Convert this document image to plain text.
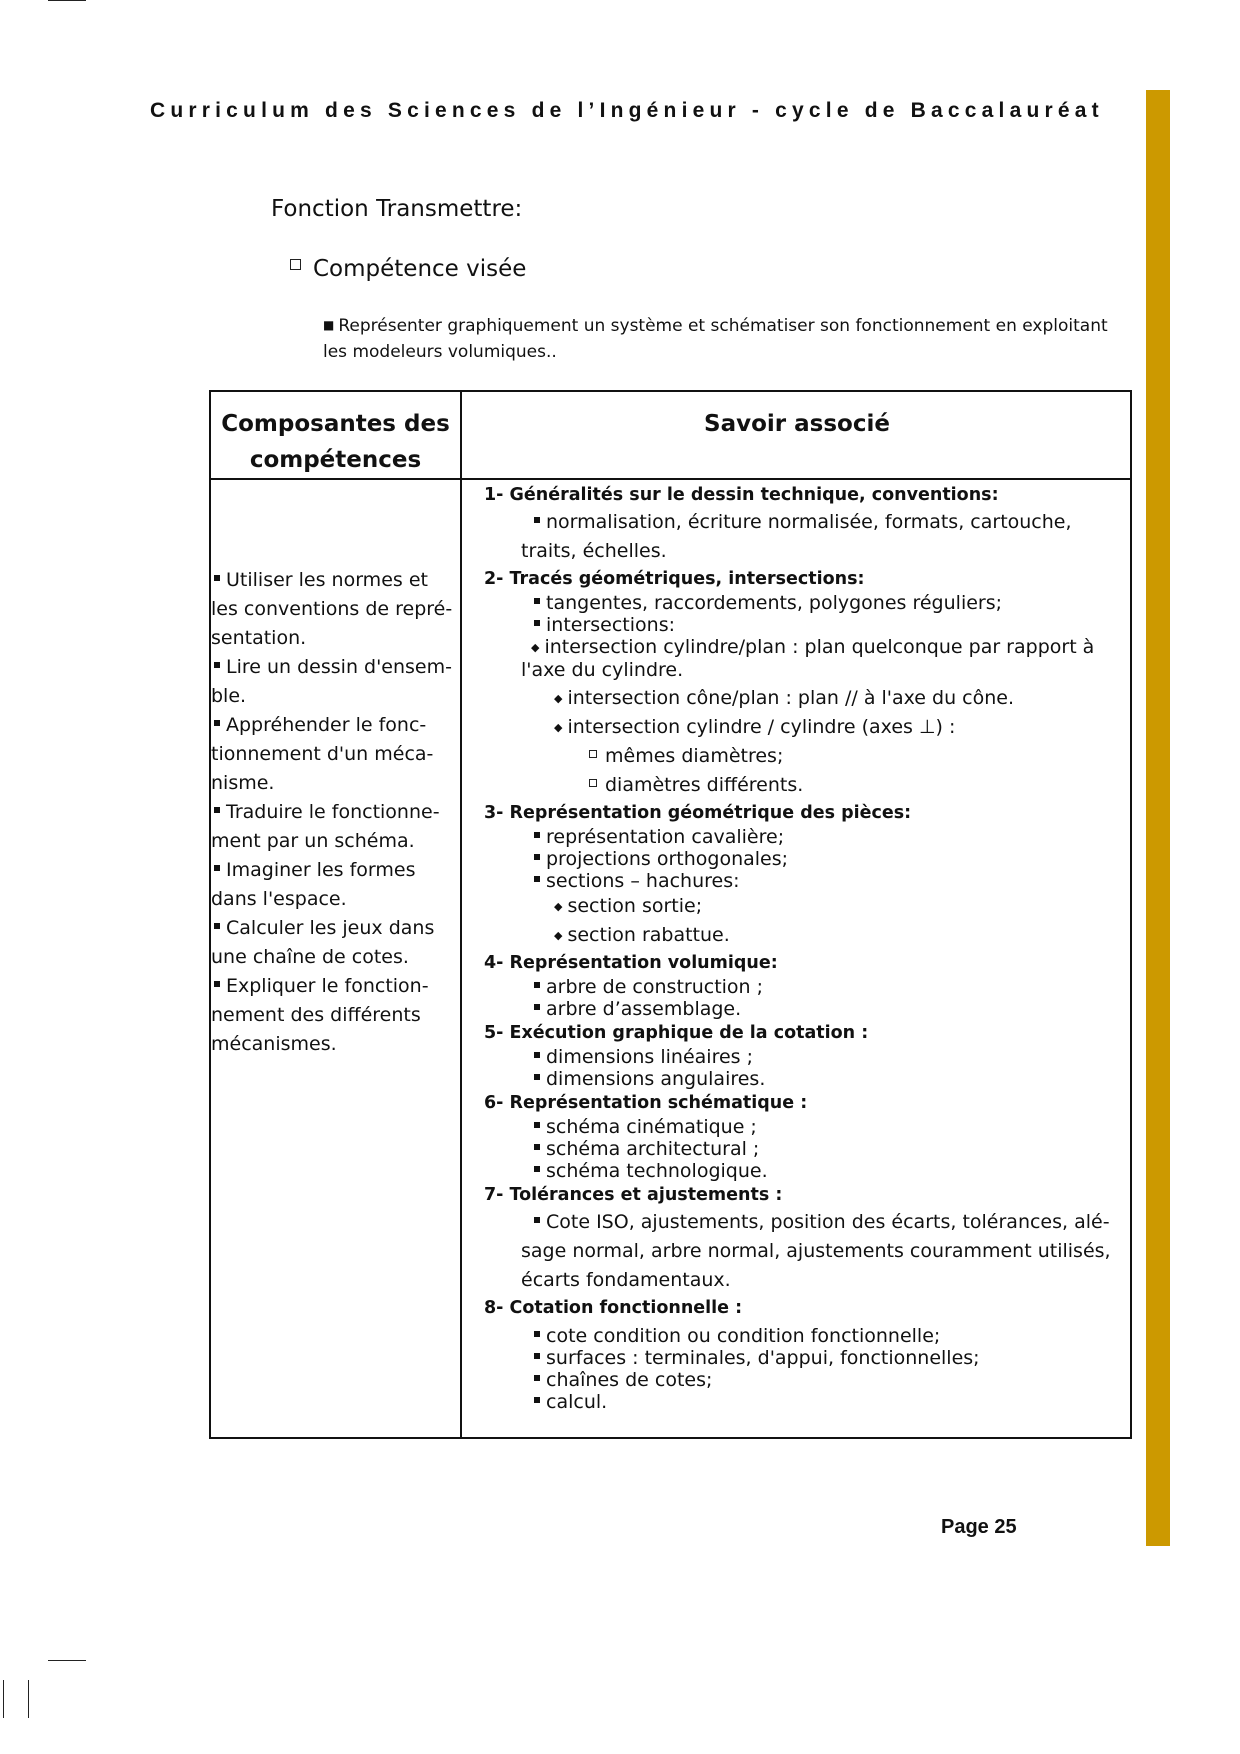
Curriculum des Sciences de l’Ingénieur - cycle de Baccalauréat
Fonction Transmettre:
Compétence visée
■ Représenter graphiquement un système et schématiser son fonctionnement en exploitant les modeleurs volumiques..
Composantes des compétences
Savoir associé
Utiliser les normes et les conventions de repré-sentation.
Lire un dessin d'ensem-ble.
Appréhender le fonc-tionnement d'un méca-nisme.
Traduire le fonctionne-ment par un schéma.
Imaginer les formes dans l'espace.
Calculer les jeux dans une chaîne de cotes.
Expliquer le fonction-nement des différents mécanismes.
1- Généralités sur le dessin technique, conventions:
normalisation, écriture normalisée, formats, cartouche,
traits, échelles.
2- Tracés géométriques, intersections:
tangentes, raccordements, polygones réguliers;
intersections:
◆ intersection cylindre/plan : plan quelconque par rapport à
l'axe du cylindre.
◆ intersection cône/plan : plan // à l'axe du cône.
◆ intersection cylindre / cylindre (axes ⊥) :
mêmes diamètres;
diamètres différents.
3- Représentation géométrique des pièces:
représentation cavalière;
projections orthogonales;
sections – hachures:
◆ section sortie;
◆ section rabattue.
4- Représentation volumique:
arbre de construction ;
arbre d’assemblage.
5- Exécution graphique de la cotation :
dimensions linéaires ;
dimensions angulaires.
6- Représentation schématique :
schéma cinématique ;
schéma architectural ;
schéma technologique.
7- Tolérances et ajustements :
Cote ISO, ajustements, position des écarts, tolérances, alé-
sage normal, arbre normal, ajustements couramment utilisés,
écarts fondamentaux.
8- Cotation fonctionnelle :
cote condition ou condition fonctionnelle;
surfaces : terminales, d'appui, fonctionnelles;
chaînes de cotes;
calcul.
Page 25
